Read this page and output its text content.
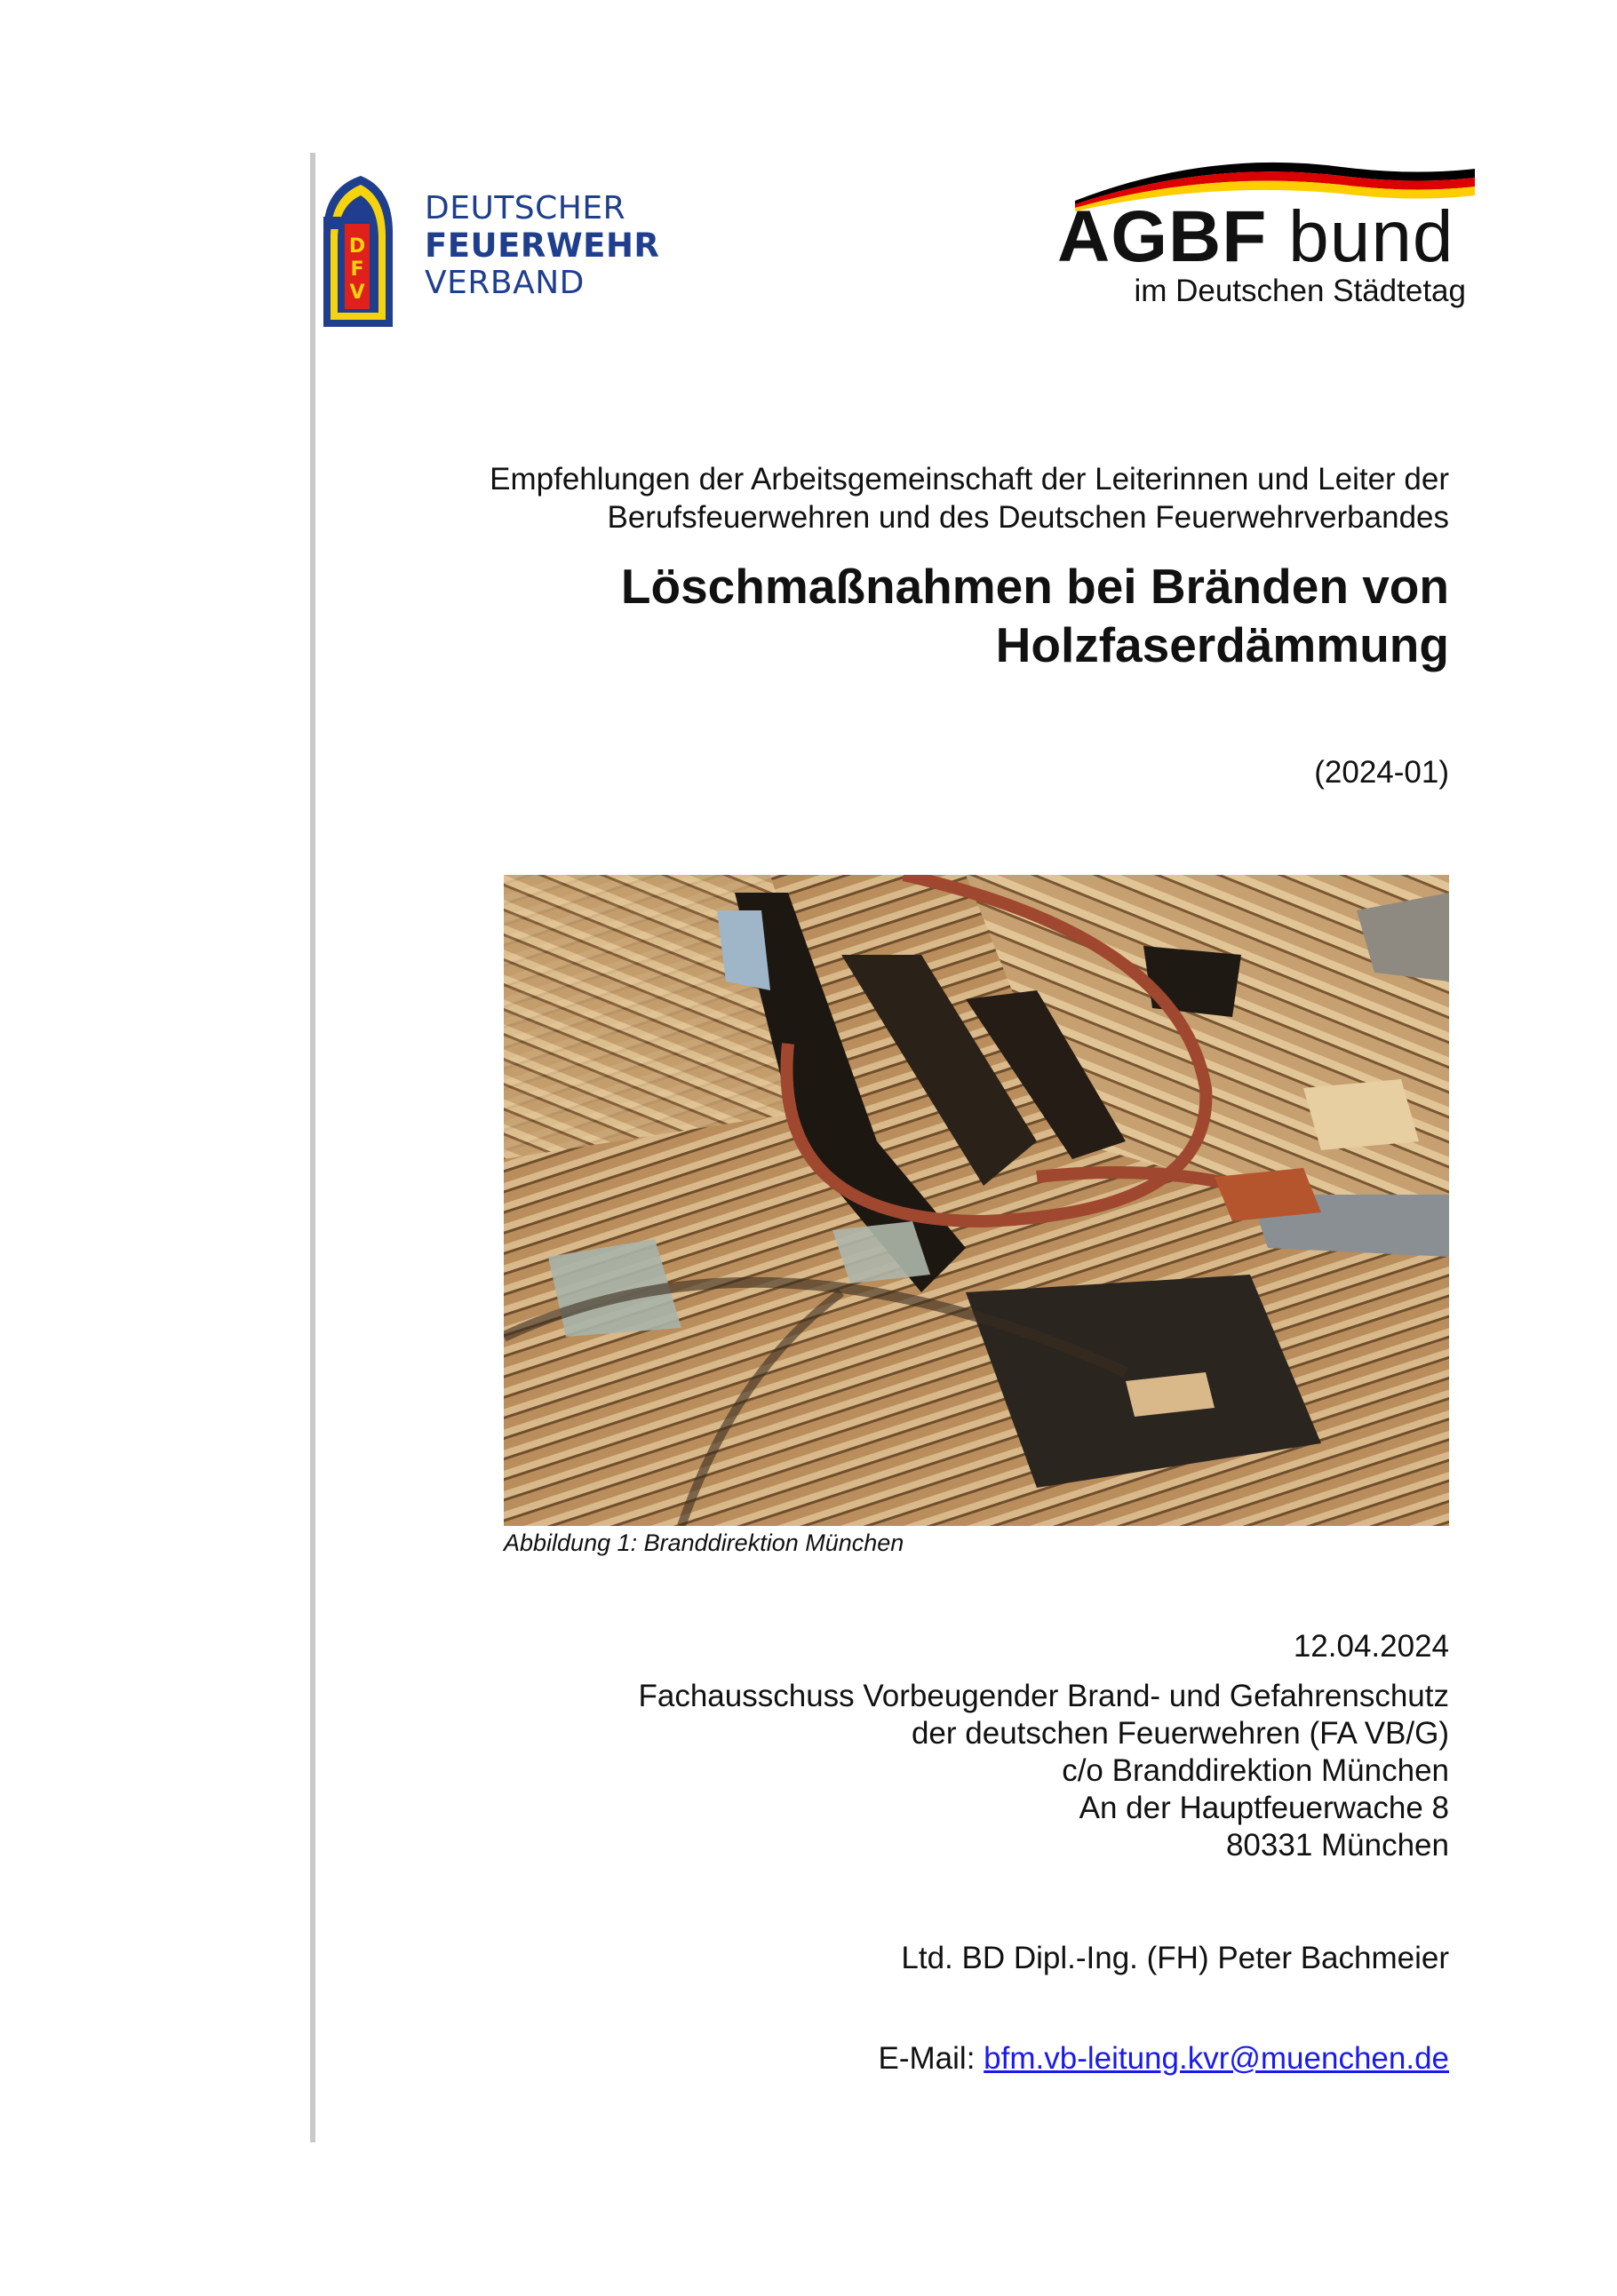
D
F
V
DEUTSCHER
FEUERWEHR
VERBAND
AGBF bund
im Deutschen Städtetag
Empfehlungen der Arbeitsgemeinschaft der Leiterinnen und Leiter der
Berufsfeuerwehren und des Deutschen Feuerwehrverbandes
Löschmaßnahmen bei Bränden von
Holzfaserdämmung
(2024-01)
Abbildung 1: Branddirektion München
12.04.2024
Fachausschuss Vorbeugender Brand- und Gefahrenschutz
der deutschen Feuerwehren (FA VB/G)
c/o Branddirektion München
An der Hauptfeuerwache 8
80331 München
Ltd. BD Dipl.-Ing. (FH) Peter Bachmeier
E-Mail: bfm.vb-leitung.kvr@muenchen.de
